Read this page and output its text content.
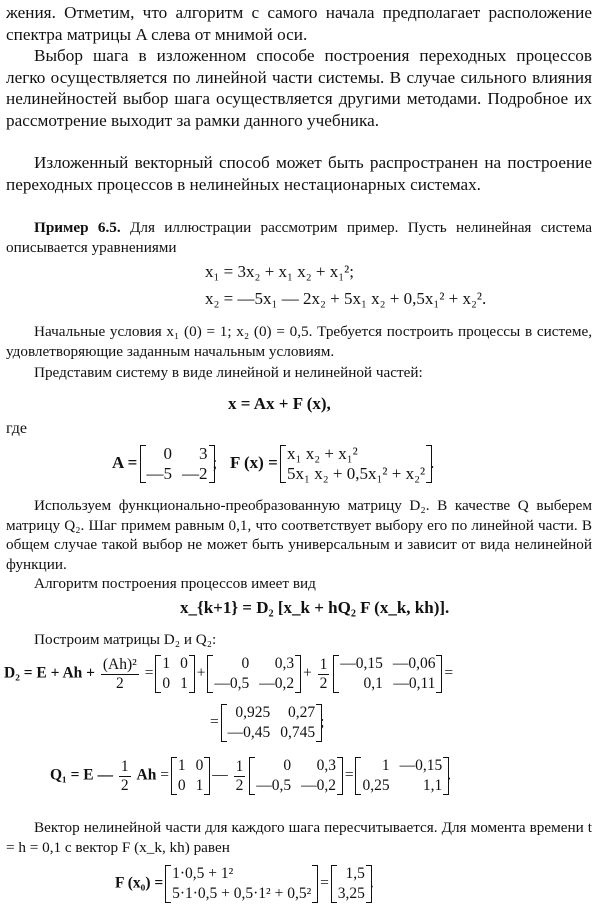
жения. Отметим, что алгоритм с самого начала предполагает расположение спектра матрицы A слева от мнимой оси.

Выбор шага в изложенном способе построения переходных процессов легко осуществляется по линейной части системы. В случае сильного влияния нелинейностей выбор шага осуществляется другими методами. Подробное их рассмотрение выходит за рамки данного учебника.

Изложенный векторный способ может быть распространен на построение переходных процессов в нелинейных нестационарных системах.

Пример 6.5. Для иллюстрации рассмотрим пример. Пусть нелинейная система описывается уравнениями

x₁ = 3x₂ + x₁ x₂ + x₁²;
x₂ = —5x₁ — 2x₂ + 5x₁ x₂ + 0,5x₁² + x₂².

Начальные условия x₁ (0) = 1; x₂ (0) = 0,5. Требуется построить процессы в системе, удовлетворяющие заданным начальным условиям.

Представим систему в виде линейной и нелинейной частей:

x = Ax + F (x),
где
A = 0	3
—5	—2
;   F (x) = x₁ x₂ + x₁²
5x₁ x₂ + 0,5x₁² + x₂²
.

Используем функционально-преобразованную матрицу D₂. В качестве Q выберем матрицу Q₂. Шаг примем равным 0,1, что соответствует выбору его по линейной части. В общем случае такой выбор не может быть универсальным и зависит от вида нелинейной функции.

Алгоритм построения процессов имеет вид

x_{k+1} = D₂ [x_k + hQ₂ F (x_k, kh)].

Построим матрицы D₂ и Q₂:

$D_2 = E + Ah + \frac{\text{(Ah)²}}{2}$ =
1	0
0	1
+
0	0,3
—0,5	—0,2
+ $\frac{1}{2}$
—0,15	—0,06
0,1	—0,11
=
=
0,925	0,27
—0,45	0,745
;
Q₁ = E — $\frac{1}{2}$ Ah =
1	0
0	1
— $\frac{1}{2}$
0	0,3
—0,5	—0,2
=
1	—0,15
0,25	1,1
.

Вектор нелинейной части для каждого шага пересчитывается. Для момента времени t = h = 0,1 с вектор F (x_k, kh) равен

F (x₀) =
1·0,5 + 1²
5·1·0,5 + 0,5·1² + 0,5²
=
1,5
3,25
.
